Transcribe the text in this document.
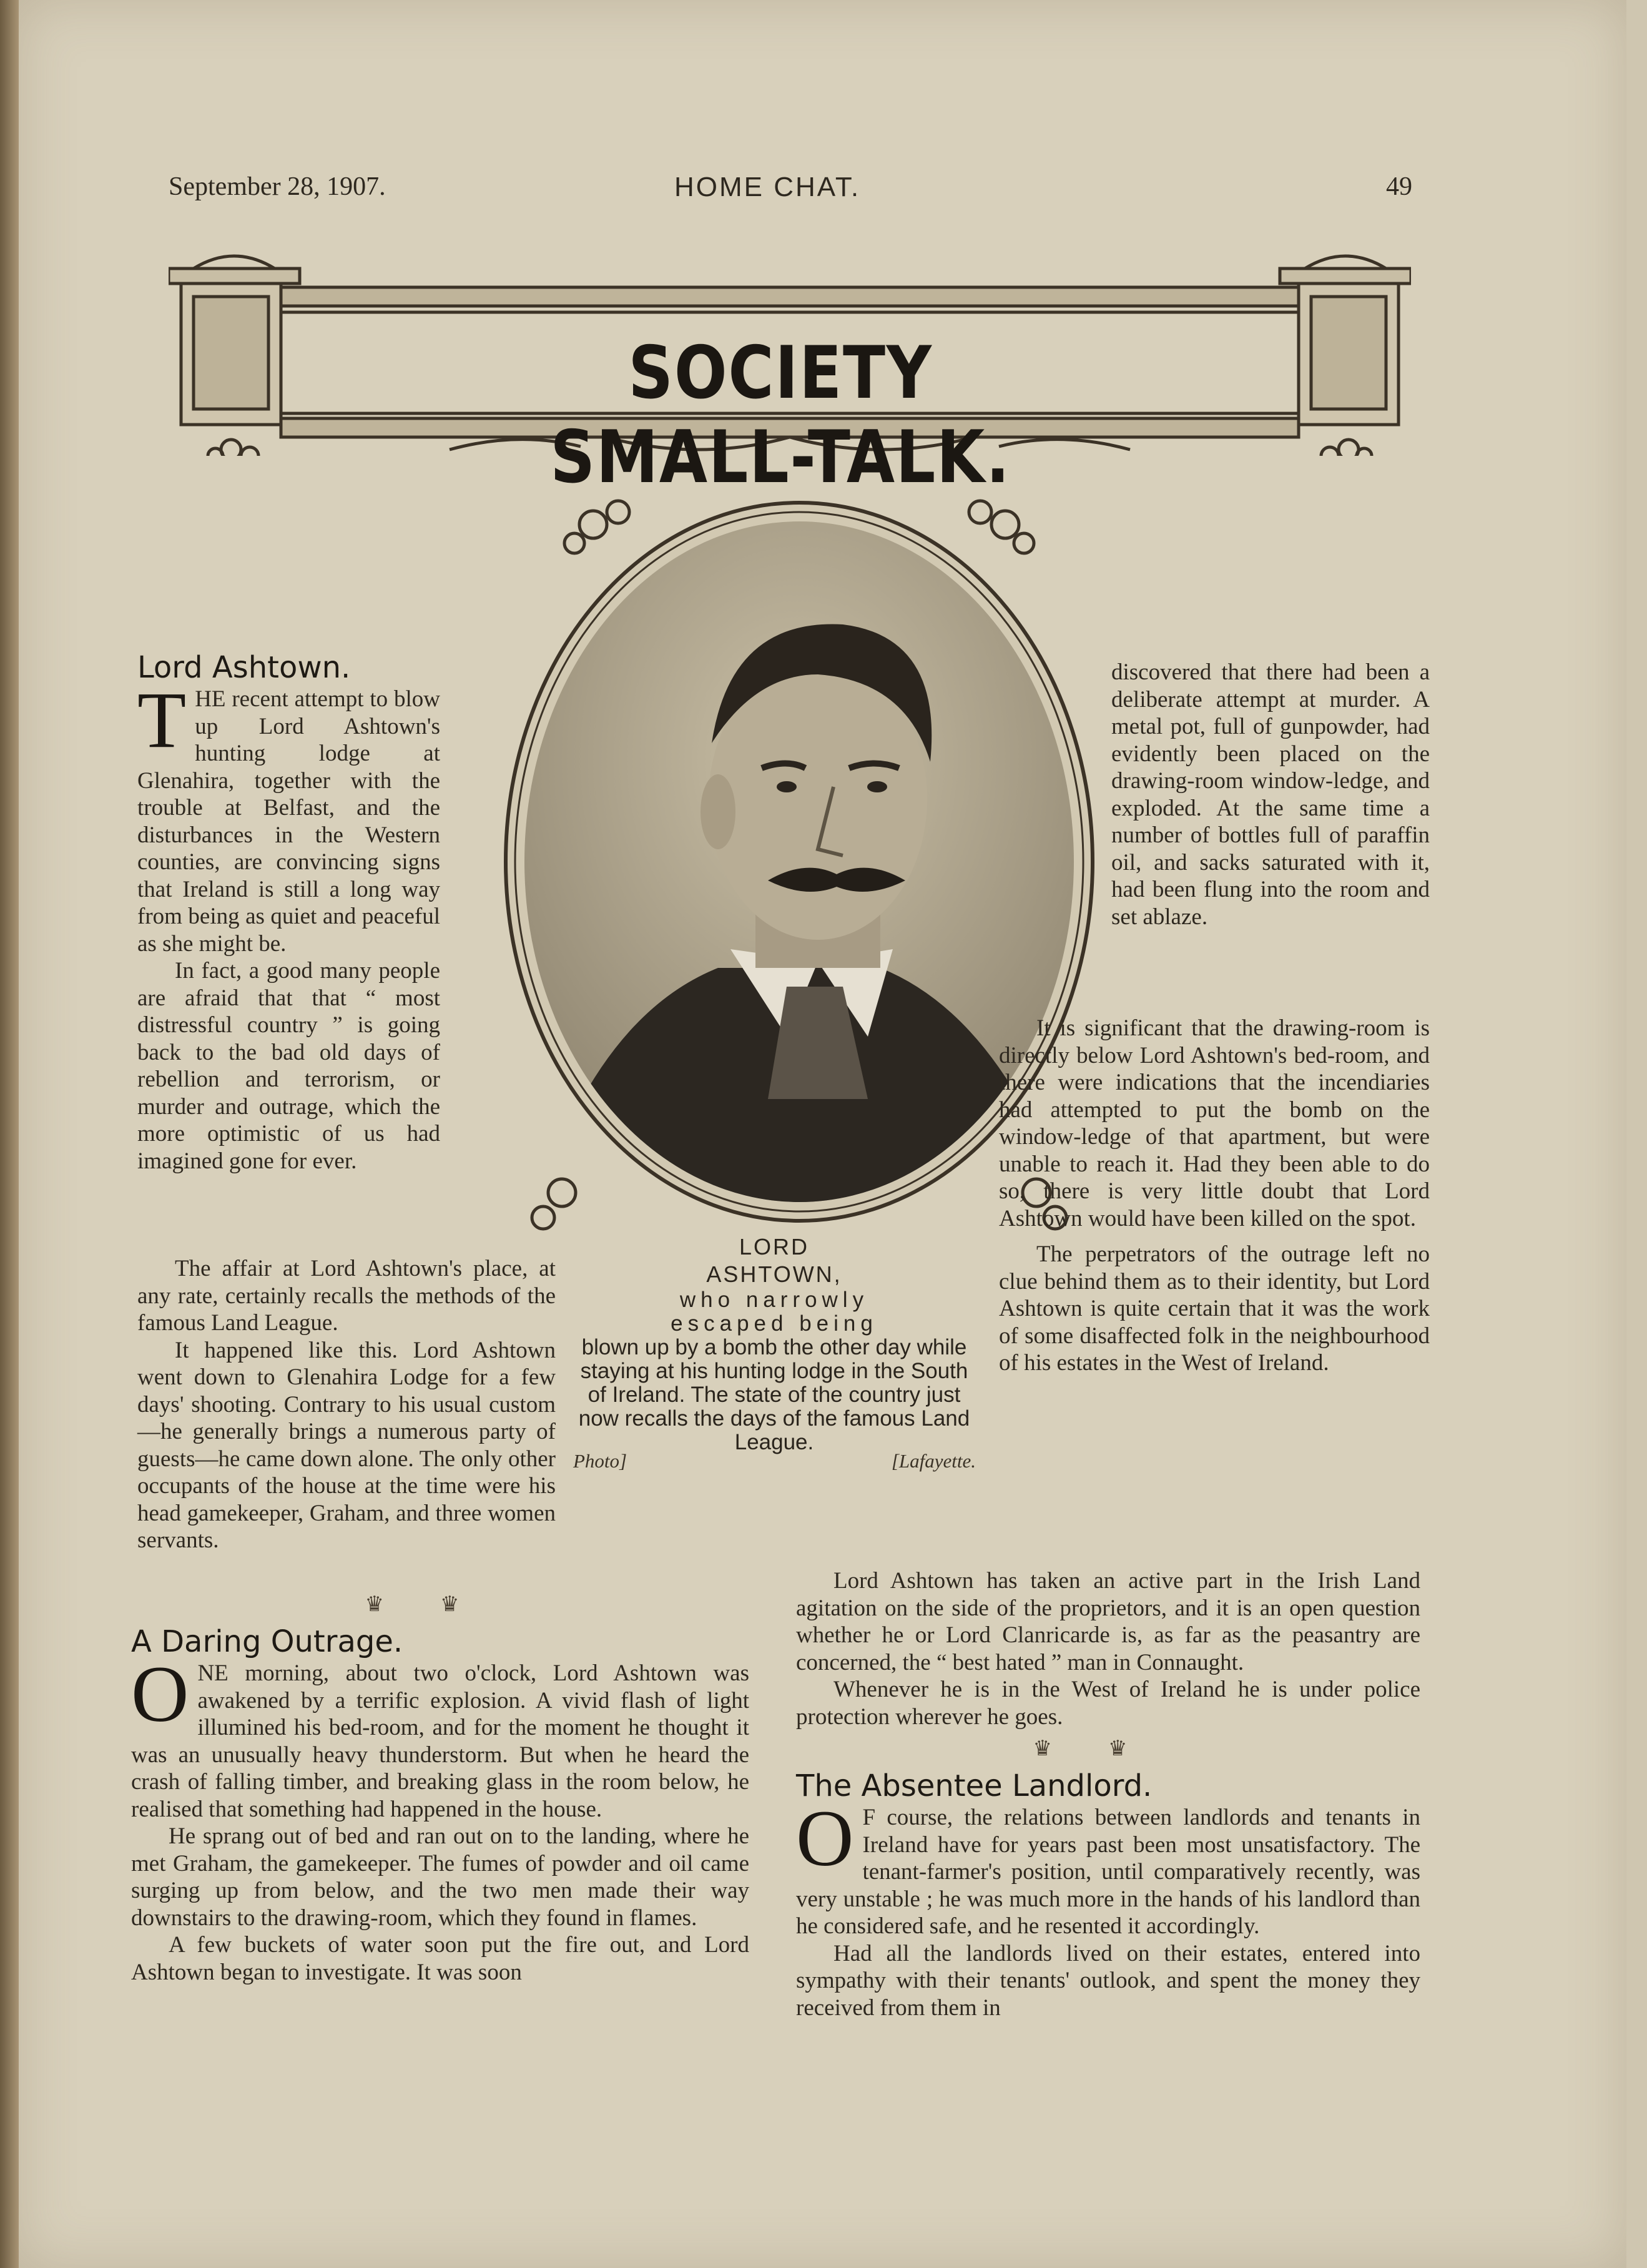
September 28, 1907.	HOME CHAT.	49
SOCIETY SMALL-TALK.
LORD
ASHTOWN,
who narrowly
escaped being
blown up by a bomb the other day while staying at his hunting lodge in the South of Ireland. The state of the country just now recalls the days of the famous Land League.
Photo]	[Lafayette.
Lord Ashtown.

THE recent attempt to blow up Lord Ashtown's hunting lodge at Glenahira, together with the trouble at Belfast, and the disturbances in the Western counties, are convincing signs that Ireland is still a long way from being as quiet and peaceful as she might be.

In fact, a good many people are afraid that that “ most distressful country ” is going back to the bad old days of rebellion and terrorism, or murder and outrage, which the more optimistic of us had imagined gone for ever.

The affair at Lord Ashtown's place, at any rate, certainly recalls the methods of the famous Land League.

It happened like this. Lord Ashtown went down to Glenahira Lodge for a few days' shooting. Contrary to his usual custom—he generally brings a numerous party of guests—he came down alone. The only other occupants of the house at the time were his head gamekeeper, Graham, and three women servants.

♛♛
A Daring Outrage.

ONE morning, about two o'clock, Lord Ashtown was awakened by a terrific explosion. A vivid flash of light illumined his bed-room, and for the moment he thought it was an unusually heavy thunderstorm. But when he heard the crash of falling timber, and breaking glass in the room below, he realised that something had happened in the house.

He sprang out of bed and ran out on to the landing, where he met Graham, the gamekeeper. The fumes of powder and oil came surging up from below, and the two men made their way downstairs to the drawing-room, which they found in flames.

A few buckets of water soon put the fire out, and Lord Ashtown began to investigate. It was soon

discovered that there had been a deliberate attempt at murder. A metal pot, full of gunpowder, had evidently been placed on the drawing-room window-ledge, and exploded. At the same time a number of bottles full of paraffin oil, and sacks saturated with it, had been flung into the room and set ablaze.

It is significant that the drawing-room is directly below Lord Ashtown's bed-room, and there were indications that the incendiaries had attempted to put the bomb on the window-ledge of that apartment, but were unable to reach it. Had they been able to do so, there is very little doubt that Lord Ashtown would have been killed on the spot.

The perpetrators of the outrage left no clue behind them as to their identity, but Lord Ashtown is quite certain that it was the work of some disaffected folk in the neighbourhood of his estates in the West of Ireland.

Lord Ashtown has taken an active part in the Irish Land agitation on the side of the proprietors, and it is an open question whether he or Lord Clanricarde is, as far as the peasantry are concerned, the “ best hated ” man in Connaught.

Whenever he is in the West of Ireland he is under police protection wherever he goes.

♛♛
The Absentee Landlord.

O F course, the relations between landlords and tenants in Ireland have for years past been most unsatisfactory. The tenant-farmer's position, until comparatively recently, was very unstable ; he was much more in the hands of his landlord than he considered safe, and he resented it accordingly.

Had all the landlords lived on their estates, entered into sympathy with their tenants' outlook, and spent the money they received from them in
